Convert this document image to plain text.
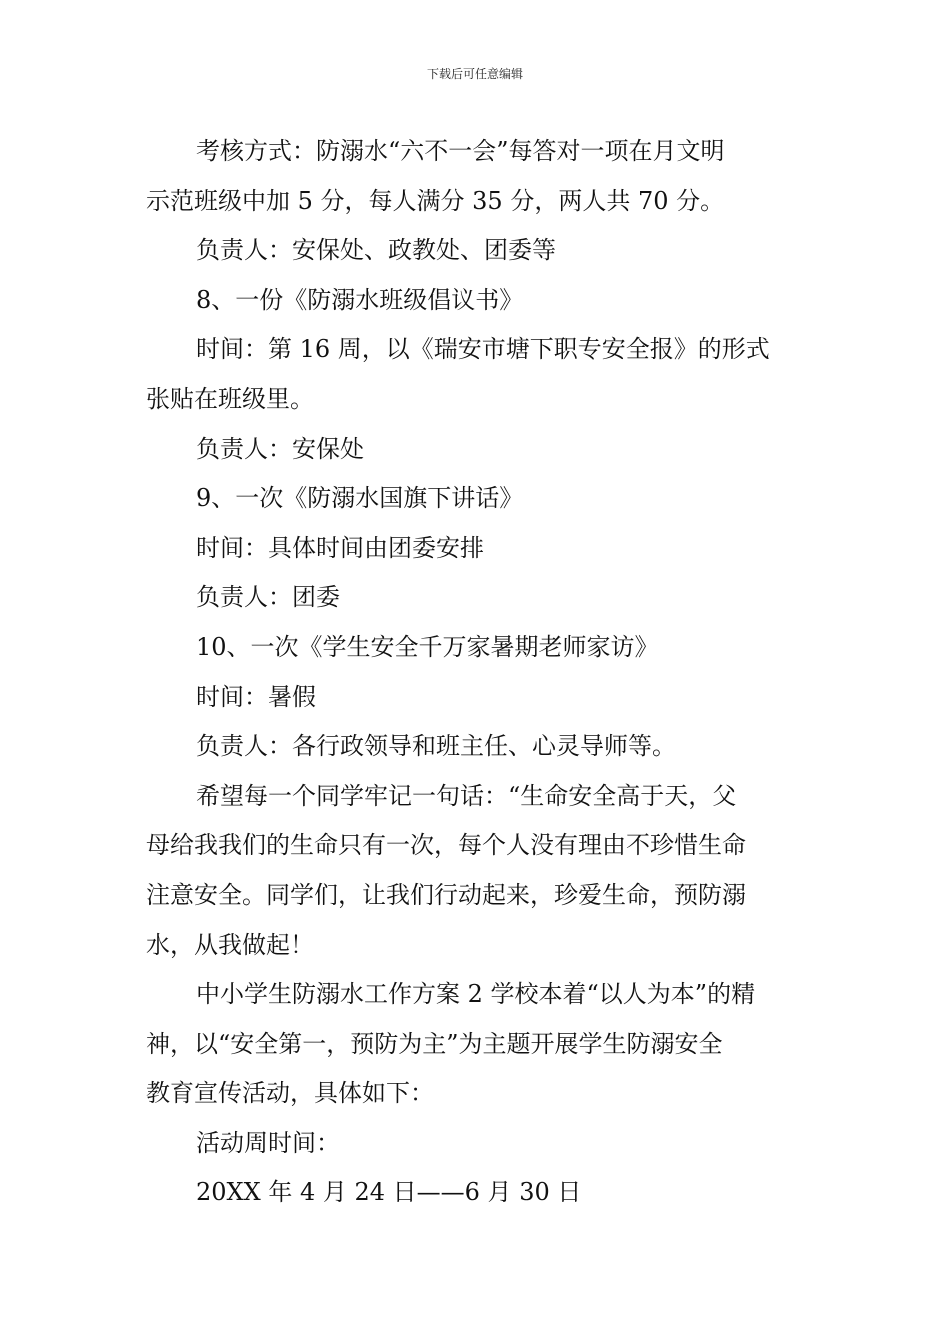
下载后可任意编辑

考核方式：防溺水“六不一会”每答对一项在月文明

示范班级中加 5 分，每人满分 35 分，两人共 70 分。

负责人：安保处、政教处、团委等

8、一份《防溺水班级倡议书》

时间：第 16 周，以《瑞安市塘下职专安全报》的形式

张贴在班级里。

负责人：安保处

9、一次《防溺水国旗下讲话》

时间：具体时间由团委安排

负责人：团委

10、一次《学生安全千万家暑期老师家访》

时间：暑假

负责人：各行政领导和班主任、心灵导师等。

希望每一个同学牢记一句话：“生命安全高于天，父

母给我我们的生命只有一次，每个人没有理由不珍惜生命

注意安全。同学们，让我们行动起来，珍爱生命，预防溺

水，从我做起！

中小学生防溺水工作方案 2 学校本着“以人为本”的精

神，以“安全第一，预防为主”为主题开展学生防溺安全

教育宣传活动，具体如下：

活动周时间：

20XX 年 4 月 24 日——6 月 30 日
